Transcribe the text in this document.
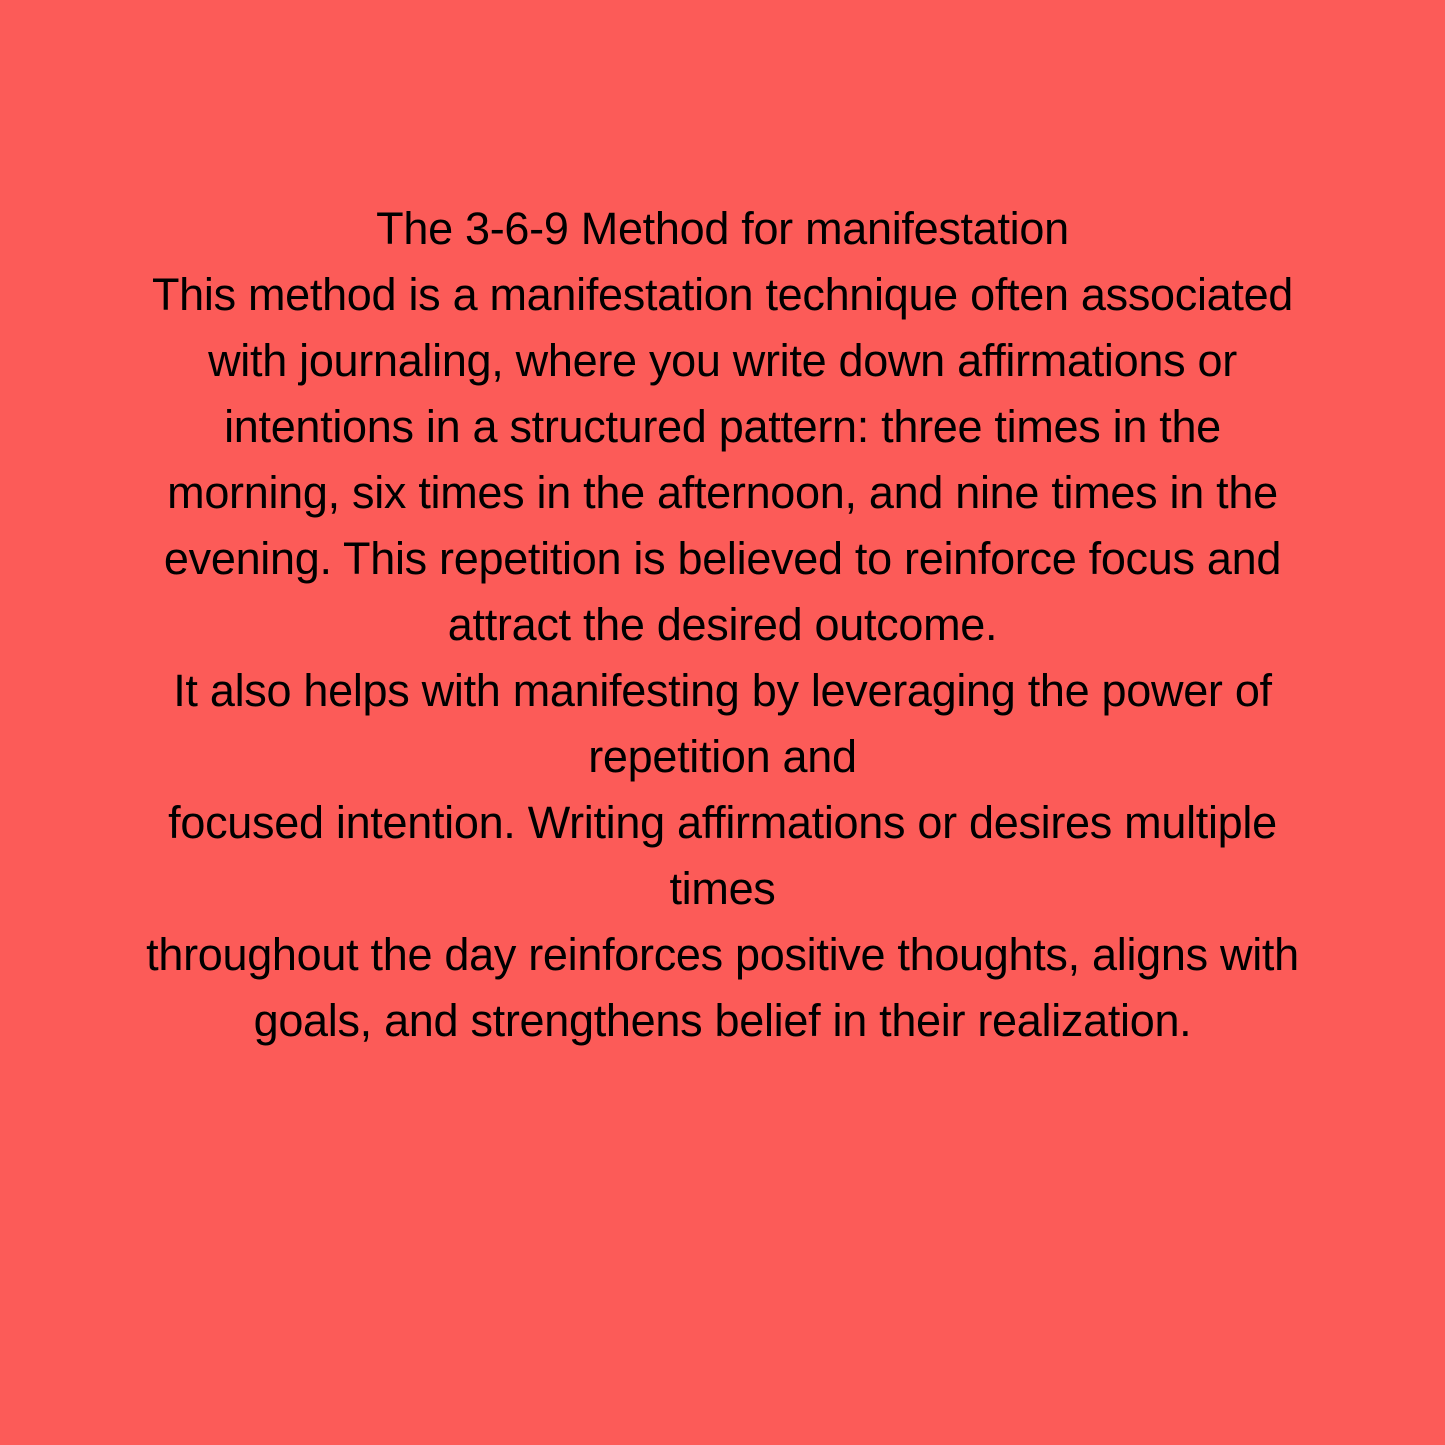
The 3-6-9 Method for manifestation
This method is a manifestation technique often associated
with journaling, where you write down affirmations or
intentions in a structured pattern: three times in the
morning, six times in the afternoon, and nine times in the
evening. This repetition is believed to reinforce focus and
attract the desired outcome.
It also helps with manifesting by leveraging the power of
repetition and
focused intention. Writing affirmations or desires multiple
times
throughout the day reinforces positive thoughts, aligns with
goals, and strengthens belief in their realization.
